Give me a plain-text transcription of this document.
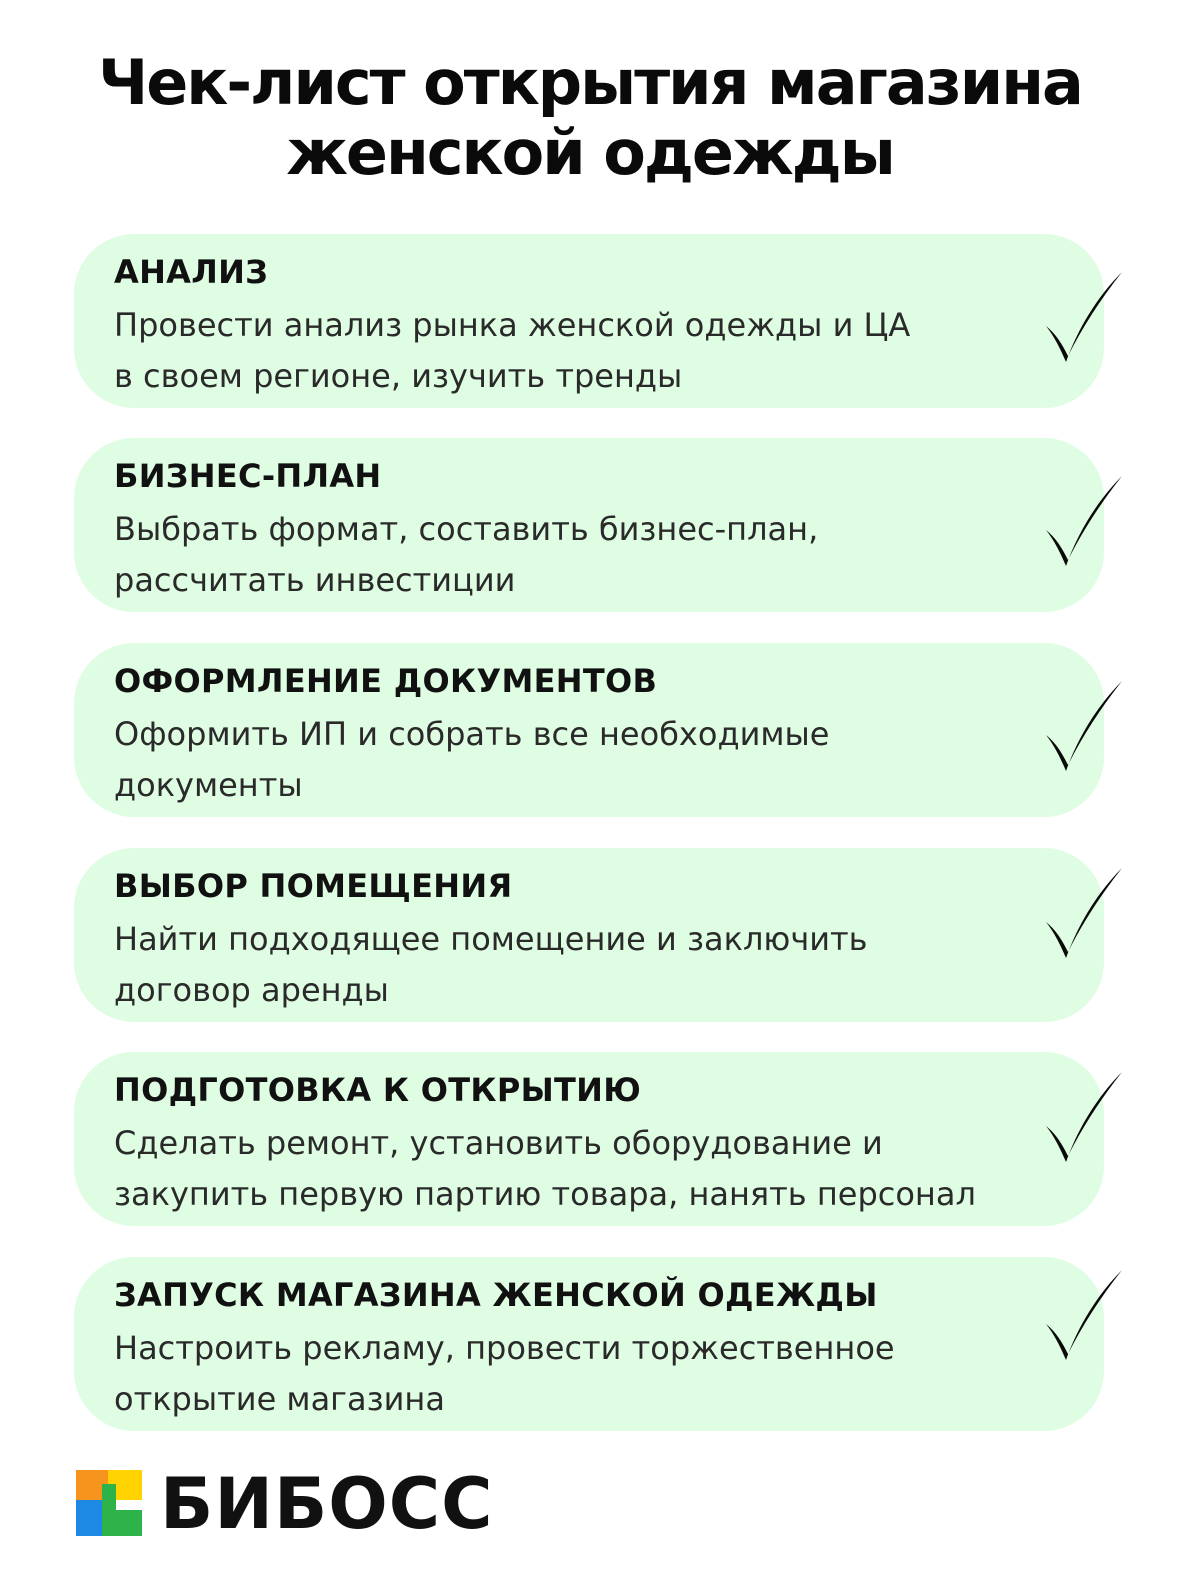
Чек-лист открытия магазина
женской одежды
АНАЛИЗ
Провести анализ рынка женской одежды и ЦА
в своем регионе, изучить тренды
БИЗНЕС-ПЛАН
Выбрать формат, составить бизнес-план,
рассчитать инвестиции
ОФОРМЛЕНИЕ ДОКУМЕНТОВ
Оформить ИП и собрать все необходимые
документы
ВЫБОР ПОМЕЩЕНИЯ
Найти подходящее помещение и заключить
договор аренды
ПОДГОТОВКА К ОТКРЫТИЮ
Сделать ремонт, установить оборудование и
закупить первую партию товара, нанять персонал
ЗАПУСК МАГАЗИНА ЖЕНСКОЙ ОДЕЖДЫ
Настроить рекламу, провести торжественное
открытие магазина
БИБОСС
